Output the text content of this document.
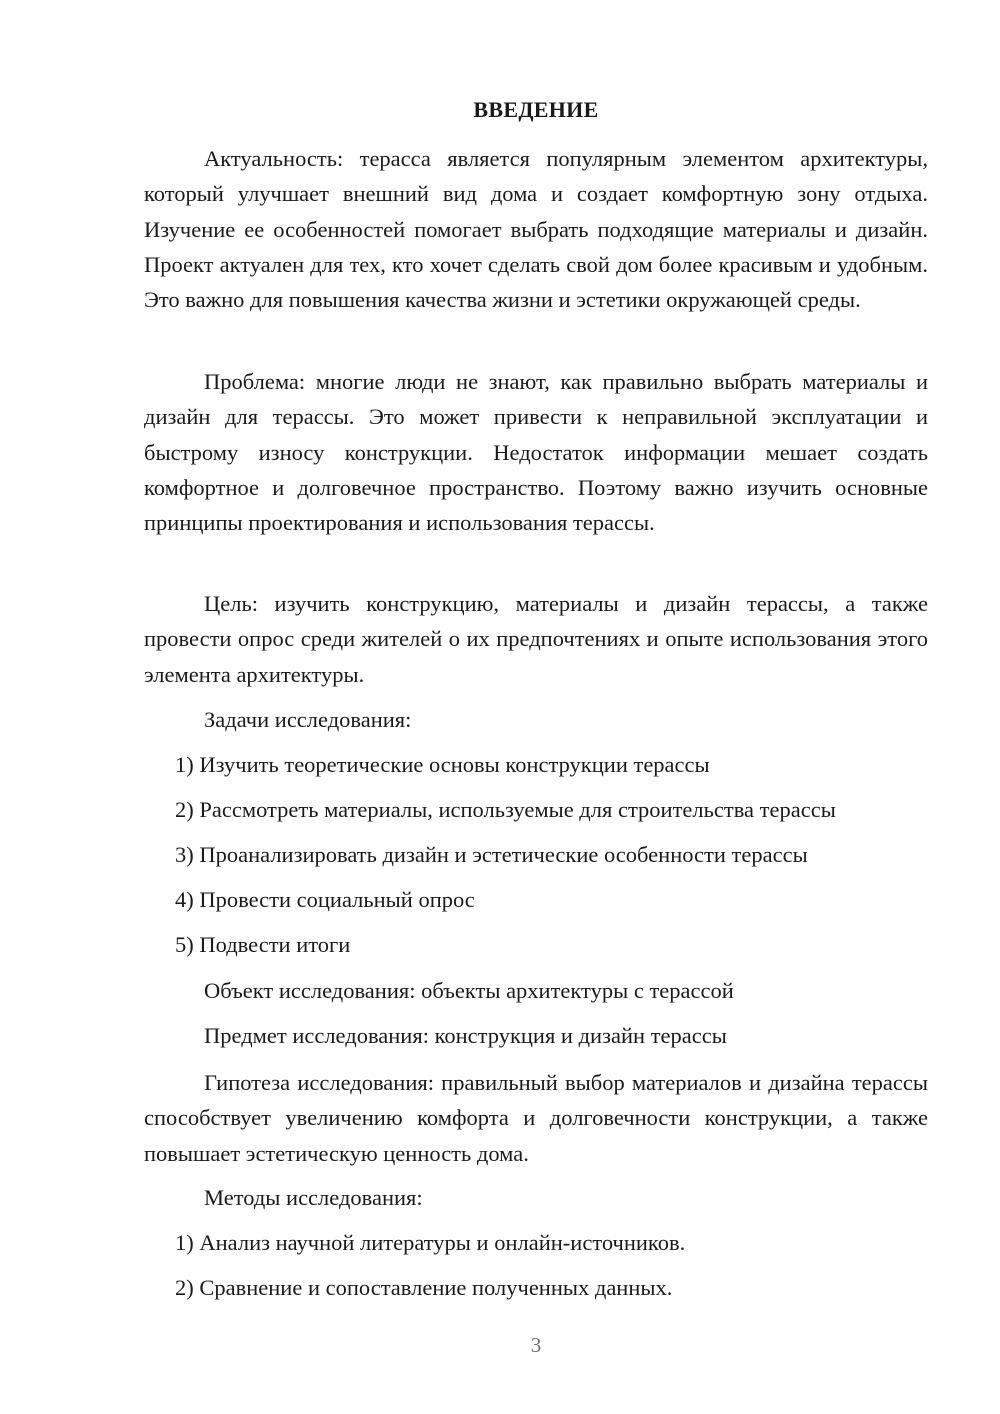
ВВЕДЕНИЕ

Актуальность: терасса является популярным элементом архитектуры, который улучшает внешний вид дома и создает комфортную зону отдыха. Изучение ее особенностей помогает выбрать подходящие материалы и дизайн. Проект актуален для тех, кто хочет сделать свой дом более красивым и удобным. Это важно для повышения качества жизни и эстетики окружающей среды.

Проблема: многие люди не знают, как правильно выбрать материалы и дизайн для терассы. Это может привести к неправильной эксплуатации и быстрому износу конструкции. Недостаток информации мешает создать комфортное и долговечное пространство. Поэтому важно изучить основные принципы проектирования и использования терассы.

Цель: изучить конструкцию, материалы и дизайн терассы, а также провести опрос среди жителей о их предпочтениях и опыте использования этого элемента архитектуры.

Задачи исследования:

1) Изучить теоретические основы конструкции терассы

2) Рассмотреть материалы, используемые для строительства терассы

3) Проанализировать дизайн и эстетические особенности терассы

4) Провести социальный опрос

5) Подвести итоги

Объект исследования: объекты архитектуры с терассой

Предмет исследования: конструкция и дизайн терассы

Гипотеза исследования: правильный выбор материалов и дизайна терассы способствует увеличению комфорта и долговечности конструкции, а также повышает эстетическую ценность дома.

Методы исследования:

1) Анализ научной литературы и онлайн-источников.

2) Сравнение и сопоставление полученных данных.

3
